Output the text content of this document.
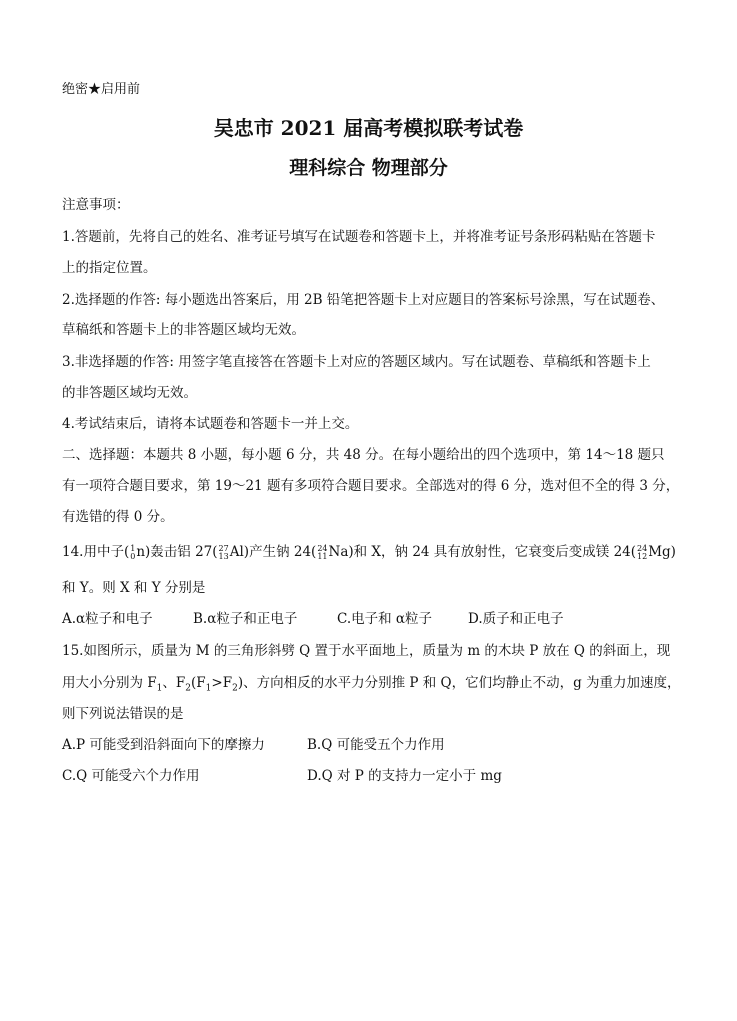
绝密★启用前
吴忠市 2021 届高考模拟联考试卷
理科综合 物理部分
注意事项：
1.答题前，先将自己的姓名、准考证号填写在试题卷和答题卡上，并将准考证号条形码粘贴在答题卡
上的指定位置。
2.选择题的作答: 每小题选出答案后，用 2B 铅笔把答题卡上对应题目的答案标号涂黑，写在试题卷、
草稿纸和答题卡上的非答题区域均无效。
3.非选择题的作答: 用签字笔直接答在答题卡上对应的答题区域内。写在试题卷、草稿纸和答题卡上
的非答题区域均无效。
4.考试结束后，请将本试题卷和答题卡一并上交。
二、选择题：本题共 8 小题，每小题 6 分，共 48 分。在每小题给出的四个选项中，第 14～18 题只
有一项符合题目要求，第 19～21 题有多项符合题目要求。全部选对的得 6 分，选对但不全的得 3 分，
有选错的得 0 分。
14.用中子( 1
0 n)轰击铝 27( 27
13 Al)产生钠 24( 24
11 Na)和 X，钠 24 具有放射性，它衰变后变成镁 24( 24
12 Mg)
和 Y。则 X 和 Y 分别是
A.α粒子和电子	B.α粒子和正电子	C.电子和 α粒子	D.质子和正电子
15.如图所示，质量为 M 的三角形斜劈 Q 置于水平面地上，质量为 m 的木块 P 放在 Q 的斜面上，现
用大小分别为 $F_1$、$F_2(F_1>F_2)$、方向相反的水平力分别推 P 和 Q，它们均静止不动，g 为重力加速度，
则下列说法错误的是
A.P 可能受到沿斜面向下的摩擦力	B.Q 可能受五个力作用
C.Q 可能受六个力作用	D.Q 对 P 的支持力一定小于 mg
